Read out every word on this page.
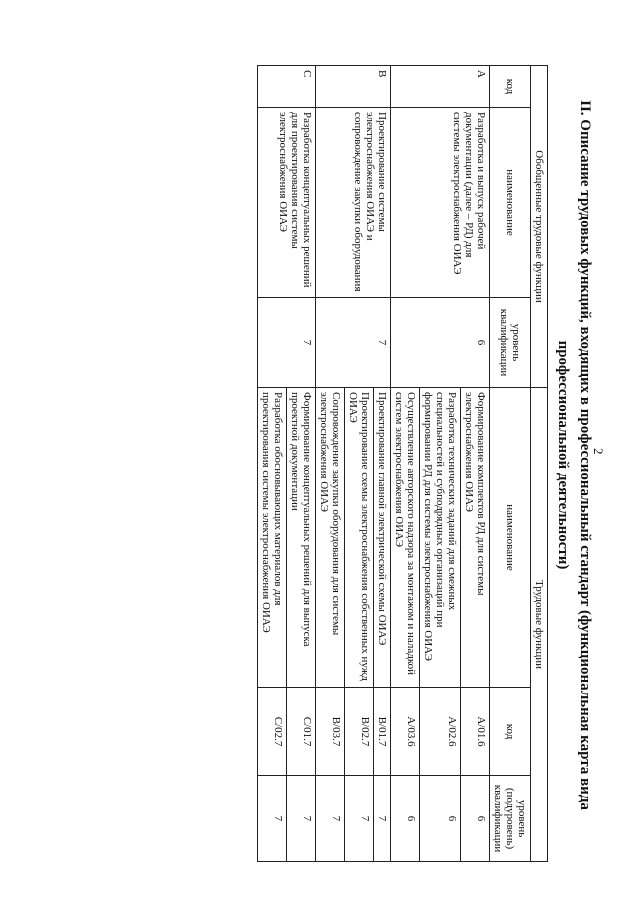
2
II. Описание трудовых функций, входящих в профессиональный стандарт (функциональная карта вида профессиональной деятельности)
Обобщенные трудовые функции			Трудовые функции		
код	наименование	уровень квалификации	наименование	код	уровень (подуровень) квалификации
A	Разработка и выпуск рабочей документации (далее – РД) для системы электроснабжения ОИАЭ	6	Формирование комплектов РД для системы электроснабжения ОИАЭ	A/01.6	6
			Разработка технических заданий для смежных специальностей и субподрядных организаций при формировании РД для системы электроснабжения ОИАЭ	A/02.6	6
			Осуществление авторского надзора за монтажом и наладкой систем электроснабжения ОИАЭ	A/03.6	6
B	Проектирование системы электроснабжения ОИАЭ и сопровождение закупки оборудования	7	Проектирование главной электрической схемы ОИАЭ	B/01.7	7
			Проектирование схемы электроснабжения собственных нужд ОИАЭ	B/02.7	7
			Сопровождение закупки оборудования для системы электроснабжения ОИАЭ	B/03.7	7
C	Разработка концептуальных решений для проектирования системы электроснабжения ОИАЭ	7	Формирование концептуальных решений для выпуска проектной документации	C/01.7	7
			Разработка обосновывающих материалов для проектирования системы электроснабжения ОИАЭ	C/02.7	7
